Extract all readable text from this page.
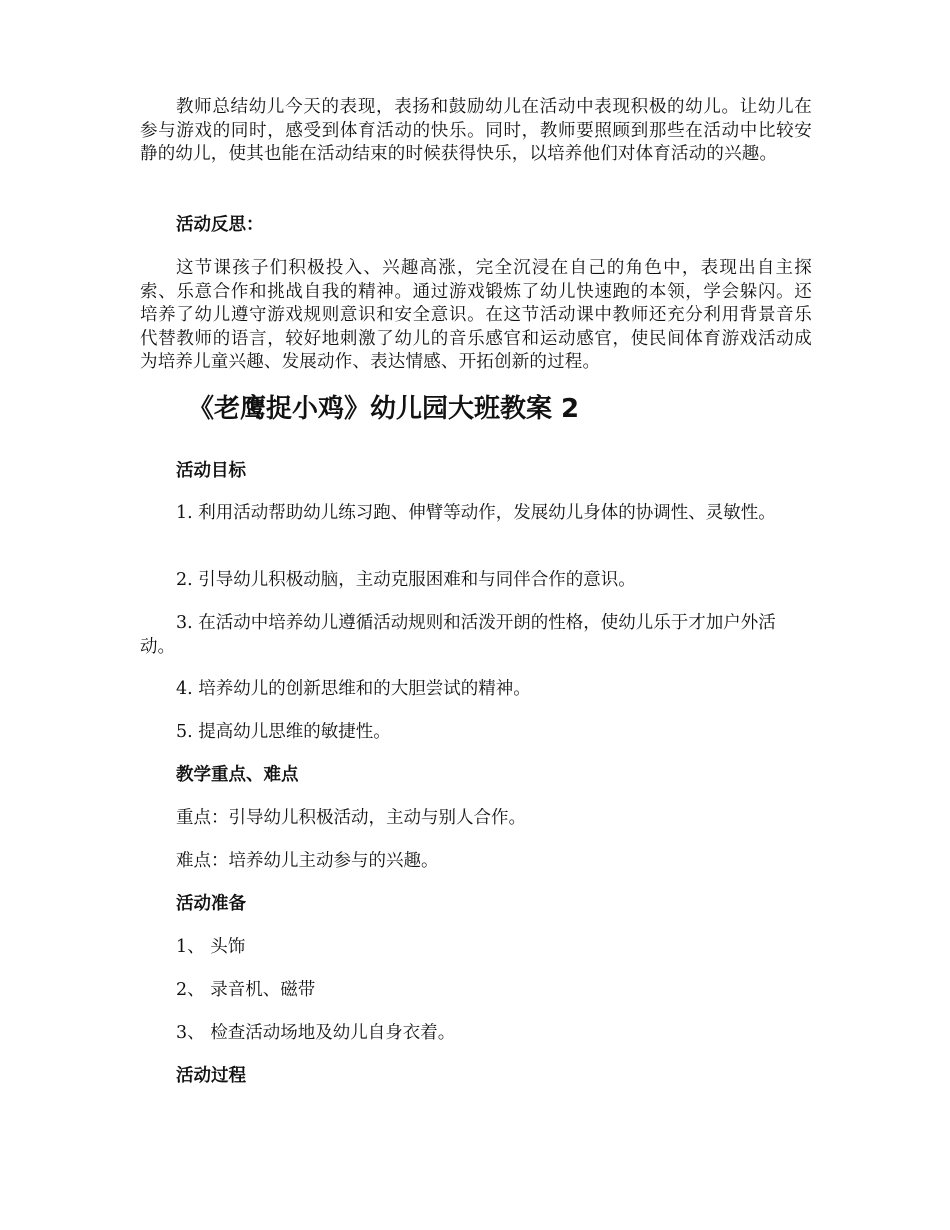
教师总结幼儿今天的表现，表扬和鼓励幼儿在活动中表现积极的幼儿。让幼儿在参与游戏的同时，感受到体育活动的快乐。同时，教师要照顾到那些在活动中比较安静的幼儿，使其也能在活动结束的时候获得快乐，以培养他们对体育活动的兴趣。

活动反思：

这节课孩子们积极投入、兴趣高涨，完全沉浸在自己的角色中，表现出自主探索、乐意合作和挑战自我的精神。通过游戏锻炼了幼儿快速跑的本领，学会躲闪。还培养了幼儿遵守游戏规则意识和安全意识。在这节活动课中教师还充分利用背景音乐代替教师的语言，较好地刺激了幼儿的音乐感官和运动感官，使民间体育游戏活动成为培养儿童兴趣、发展动作、表达情感、开拓创新的过程。

《老鹰捉小鸡》幼儿园大班教案 2

活动目标

1. 利用活动帮助幼儿练习跑、伸臂等动作，发展幼儿身体的协调性、灵敏性。

2. 引导幼儿积极动脑，主动克服困难和与同伴合作的意识。

3. 在活动中培养幼儿遵循活动规则和活泼开朗的性格，使幼儿乐于才加户外活动。

4. 培养幼儿的创新思维和的大胆尝试的精神。

5. 提高幼儿思维的敏捷性。

教学重点、难点

重点：引导幼儿积极活动，主动与别人合作。

难点：培养幼儿主动参与的兴趣。

活动准备

1、 头饰

2、 录音机、磁带

3、 检查活动场地及幼儿自身衣着。

活动过程
